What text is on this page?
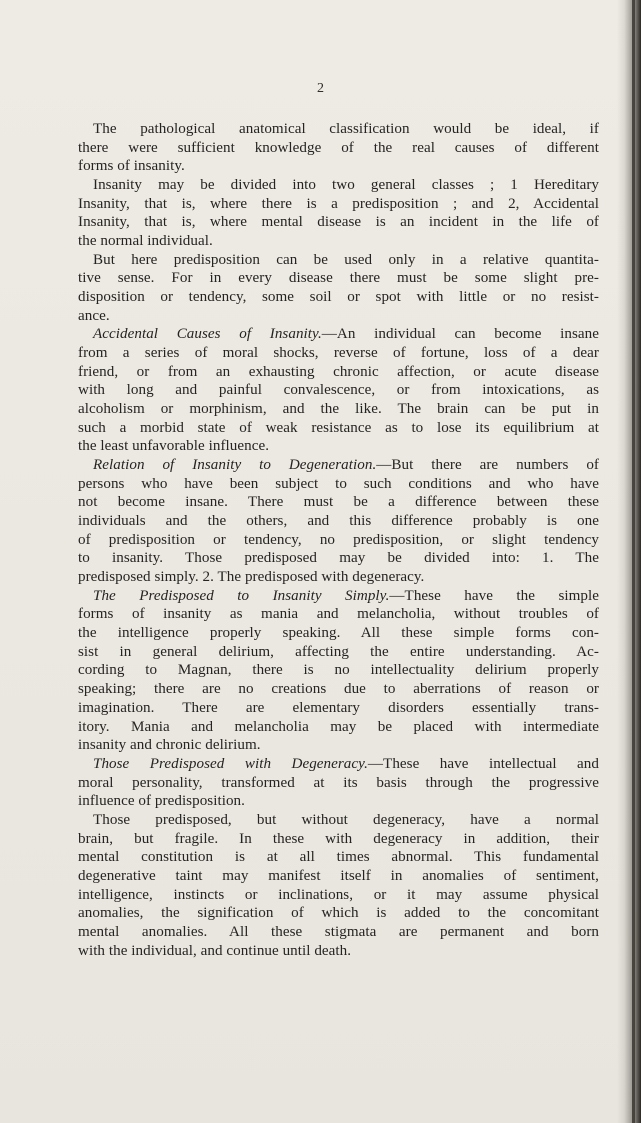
2
The pathological anatomical classification would be ideal, if
there were sufficient knowledge of the real causes of different
forms of insanity.
Insanity may be divided into two general classes ; 1 Hereditary
Insanity, that is, where there is a predisposition ; and 2, Accidental
Insanity, that is, where mental disease is an incident in the life of
the normal individual.
But here predisposition can be used only in a relative quantita-
tive sense. For in every disease there must be some slight pre-
disposition or tendency, some soil or spot with little or no resist-
ance.
Accidental Causes of Insanity.—An individual can become insane
from a series of moral shocks, reverse of fortune, loss of a dear
friend, or from an exhausting chronic affection, or acute disease
with long and painful convalescence, or from intoxications, as
alcoholism or morphinism, and the like. The brain can be put in
such a morbid state of weak resistance as to lose its equilibrium at
the least unfavorable influence.
Relation of Insanity to Degeneration.—But there are numbers of
persons who have been subject to such conditions and who have
not become insane. There must be a difference between these
individuals and the others, and this difference probably is one
of predisposition or tendency, no predisposition, or slight tendency
to insanity. Those predisposed may be divided into: 1. The
predisposed simply. 2. The predisposed with degeneracy.
The Predisposed to Insanity Simply.—These have the simple
forms of insanity as mania and melancholia, without troubles of
the intelligence properly speaking. All these simple forms con-
sist in general delirium, affecting the entire understanding. Ac-
cording to Magnan, there is no intellectuality delirium properly
speaking; there are no creations due to aberrations of reason or
imagination. There are elementary disorders essentially trans-
itory. Mania and melancholia may be placed with intermediate
insanity and chronic delirium.
Those Predisposed with Degeneracy.—These have intellectual and
moral personality, transformed at its basis through the progressive
influence of predisposition.
Those predisposed, but without degeneracy, have a normal
brain, but fragile. In these with degeneracy in addition, their
mental constitution is at all times abnormal. This fundamental
degenerative taint may manifest itself in anomalies of sentiment,
intelligence, instincts or inclinations, or it may assume physical
anomalies, the signification of which is added to the concomitant
mental anomalies. All these stigmata are permanent and born
with the individual, and continue until death.
